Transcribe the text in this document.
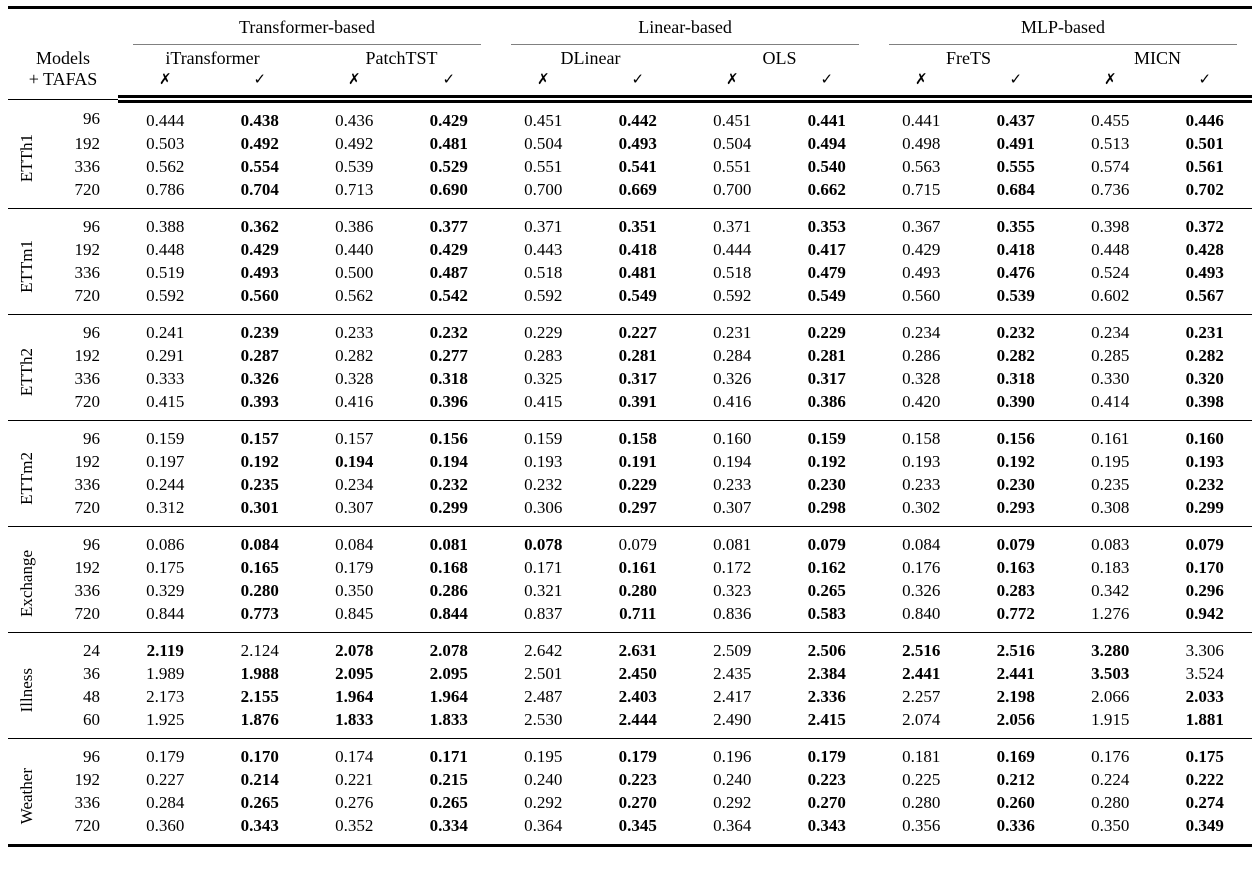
		Transformer-based				Linear-based				MLP-based			

Models
+ TAFAS		iTransformer		PatchTST		DLinear		OLS		FreTS		MICN	
		✗	✓	✗	✓	✗	✓	✗	✓	✗	✓	✗	✓

ETTh1	96	0.444	0.438	0.436	0.429	0.451	0.442	0.451	0.441	0.441	0.437	0.455	0.446
	192	0.503	0.492	0.492	0.481	0.504	0.493	0.504	0.494	0.498	0.491	0.513	0.501
	336	0.562	0.554	0.539	0.529	0.551	0.541	0.551	0.540	0.563	0.555	0.574	0.561
	720	0.786	0.704	0.713	0.690	0.700	0.669	0.700	0.662	0.715	0.684	0.736	0.702

ETTm1	96	0.388	0.362	0.386	0.377	0.371	0.351	0.371	0.353	0.367	0.355	0.398	0.372
	192	0.448	0.429	0.440	0.429	0.443	0.418	0.444	0.417	0.429	0.418	0.448	0.428
	336	0.519	0.493	0.500	0.487	0.518	0.481	0.518	0.479	0.493	0.476	0.524	0.493
	720	0.592	0.560	0.562	0.542	0.592	0.549	0.592	0.549	0.560	0.539	0.602	0.567

ETTh2	96	0.241	0.239	0.233	0.232	0.229	0.227	0.231	0.229	0.234	0.232	0.234	0.231
	192	0.291	0.287	0.282	0.277	0.283	0.281	0.284	0.281	0.286	0.282	0.285	0.282
	336	0.333	0.326	0.328	0.318	0.325	0.317	0.326	0.317	0.328	0.318	0.330	0.320
	720	0.415	0.393	0.416	0.396	0.415	0.391	0.416	0.386	0.420	0.390	0.414	0.398

ETTm2	96	0.159	0.157	0.157	0.156	0.159	0.158	0.160	0.159	0.158	0.156	0.161	0.160
	192	0.197	0.192	0.194	0.194	0.193	0.191	0.194	0.192	0.193	0.192	0.195	0.193
	336	0.244	0.235	0.234	0.232	0.232	0.229	0.233	0.230	0.233	0.230	0.235	0.232
	720	0.312	0.301	0.307	0.299	0.306	0.297	0.307	0.298	0.302	0.293	0.308	0.299

Exchange	96	0.086	0.084	0.084	0.081	0.078	0.079	0.081	0.079	0.084	0.079	0.083	0.079
	192	0.175	0.165	0.179	0.168	0.171	0.161	0.172	0.162	0.176	0.163	0.183	0.170
	336	0.329	0.280	0.350	0.286	0.321	0.280	0.323	0.265	0.326	0.283	0.342	0.296
	720	0.844	0.773	0.845	0.844	0.837	0.711	0.836	0.583	0.840	0.772	1.276	0.942

Illness	24	2.119	2.124	2.078	2.078	2.642	2.631	2.509	2.506	2.516	2.516	3.280	3.306
	36	1.989	1.988	2.095	2.095	2.501	2.450	2.435	2.384	2.441	2.441	3.503	3.524
	48	2.173	2.155	1.964	1.964	2.487	2.403	2.417	2.336	2.257	2.198	2.066	2.033
	60	1.925	1.876	1.833	1.833	2.530	2.444	2.490	2.415	2.074	2.056	1.915	1.881

Weather	96	0.179	0.170	0.174	0.171	0.195	0.179	0.196	0.179	0.181	0.169	0.176	0.175
	192	0.227	0.214	0.221	0.215	0.240	0.223	0.240	0.223	0.225	0.212	0.224	0.222
	336	0.284	0.265	0.276	0.265	0.292	0.270	0.292	0.270	0.280	0.260	0.280	0.274
	720	0.360	0.343	0.352	0.334	0.364	0.345	0.364	0.343	0.356	0.336	0.350	0.349
